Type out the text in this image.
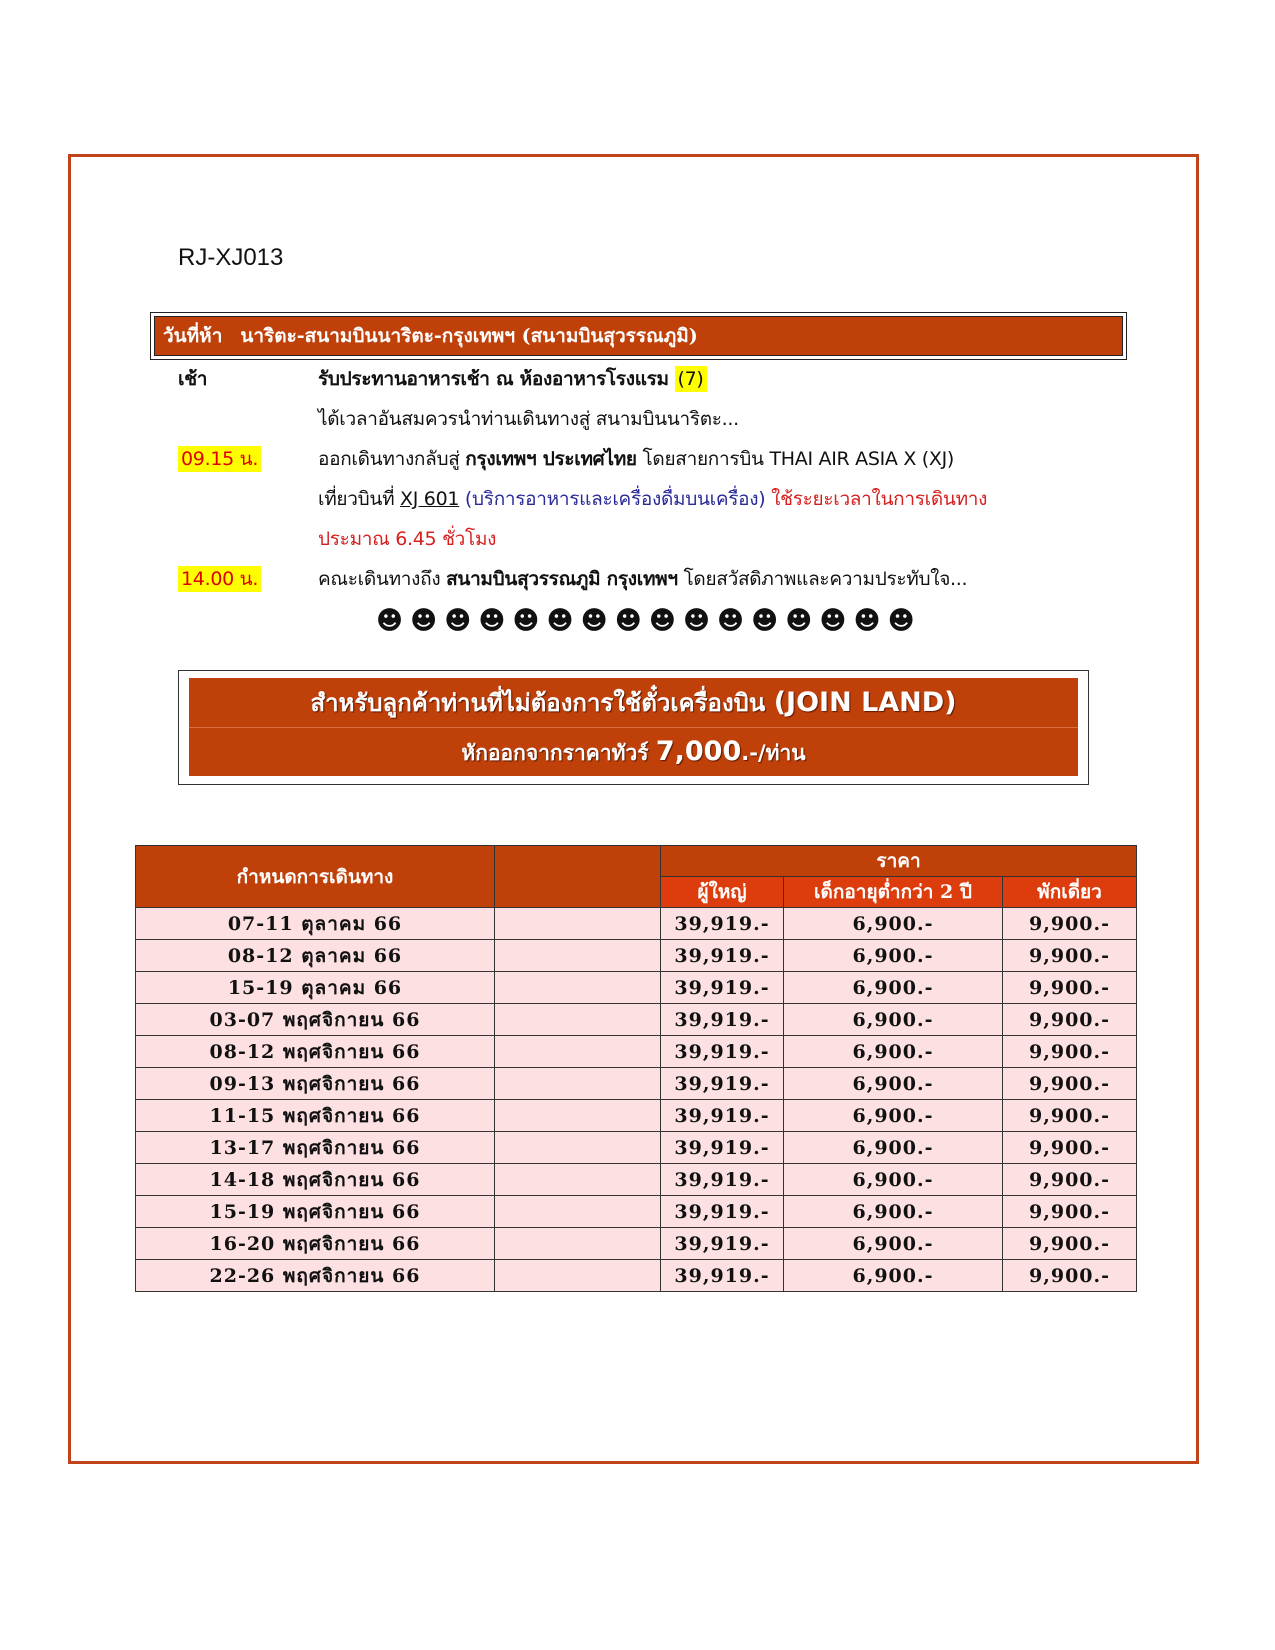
RJ-XJ013
วันที่ห้า นาริตะ-สนามบินนาริตะ-กรุงเทพฯ (สนามบินสุวรรณภูมิ)
เช้า	รับประทานอาหารเช้า ณ ห้องอาหารโรงแรม (7)
ได้เวลาอันสมควรนำท่านเดินทางสู่ สนามบินนาริตะ...
09.15 น.	ออกเดินทางกลับสู่ กรุงเทพฯ ประเทศไทย โดยสายการบิน THAI AIR ASIA X (XJ)
เที่ยวบินที่ XJ 601 (บริการอาหารและเครื่องดื่มบนเครื่อง) ใช้ระยะเวลาในการเดินทาง
ประมาณ 6.45 ชั่วโมง
14.00 น.	คณะเดินทางถึง สนามบินสุวรรณภูมิ กรุงเทพฯ โดยสวัสดิภาพและความประทับใจ...
☻☻☻☻☻☻☻☻☻☻☻☻☻☻☻☻
สำหรับลูกค้าท่านที่ไม่ต้องการใช้ตั๋วเครื่องบิน (JOIN LAND)
หักออกจากราคาทัวร์ 7,000.-/ท่าน
กำหนดการเดินทาง		ราคา		
		ผู้ใหญ่	เด็กอายุต่ำกว่า 2 ปี	พักเดี่ยว
07-11 ตุลาคม 66		39,919.-	6,900.-	9,900.-
08-12 ตุลาคม 66		39,919.-	6,900.-	9,900.-
15-19 ตุลาคม 66		39,919.-	6,900.-	9,900.-
03-07 พฤศจิกายน 66		39,919.-	6,900.-	9,900.-
08-12 พฤศจิกายน 66		39,919.-	6,900.-	9,900.-
09-13 พฤศจิกายน 66		39,919.-	6,900.-	9,900.-
11-15 พฤศจิกายน 66		39,919.-	6,900.-	9,900.-
13-17 พฤศจิกายน 66		39,919.-	6,900.-	9,900.-
14-18 พฤศจิกายน 66		39,919.-	6,900.-	9,900.-
15-19 พฤศจิกายน 66		39,919.-	6,900.-	9,900.-
16-20 พฤศจิกายน 66		39,919.-	6,900.-	9,900.-
22-26 พฤศจิกายน 66		39,919.-	6,900.-	9,900.-
